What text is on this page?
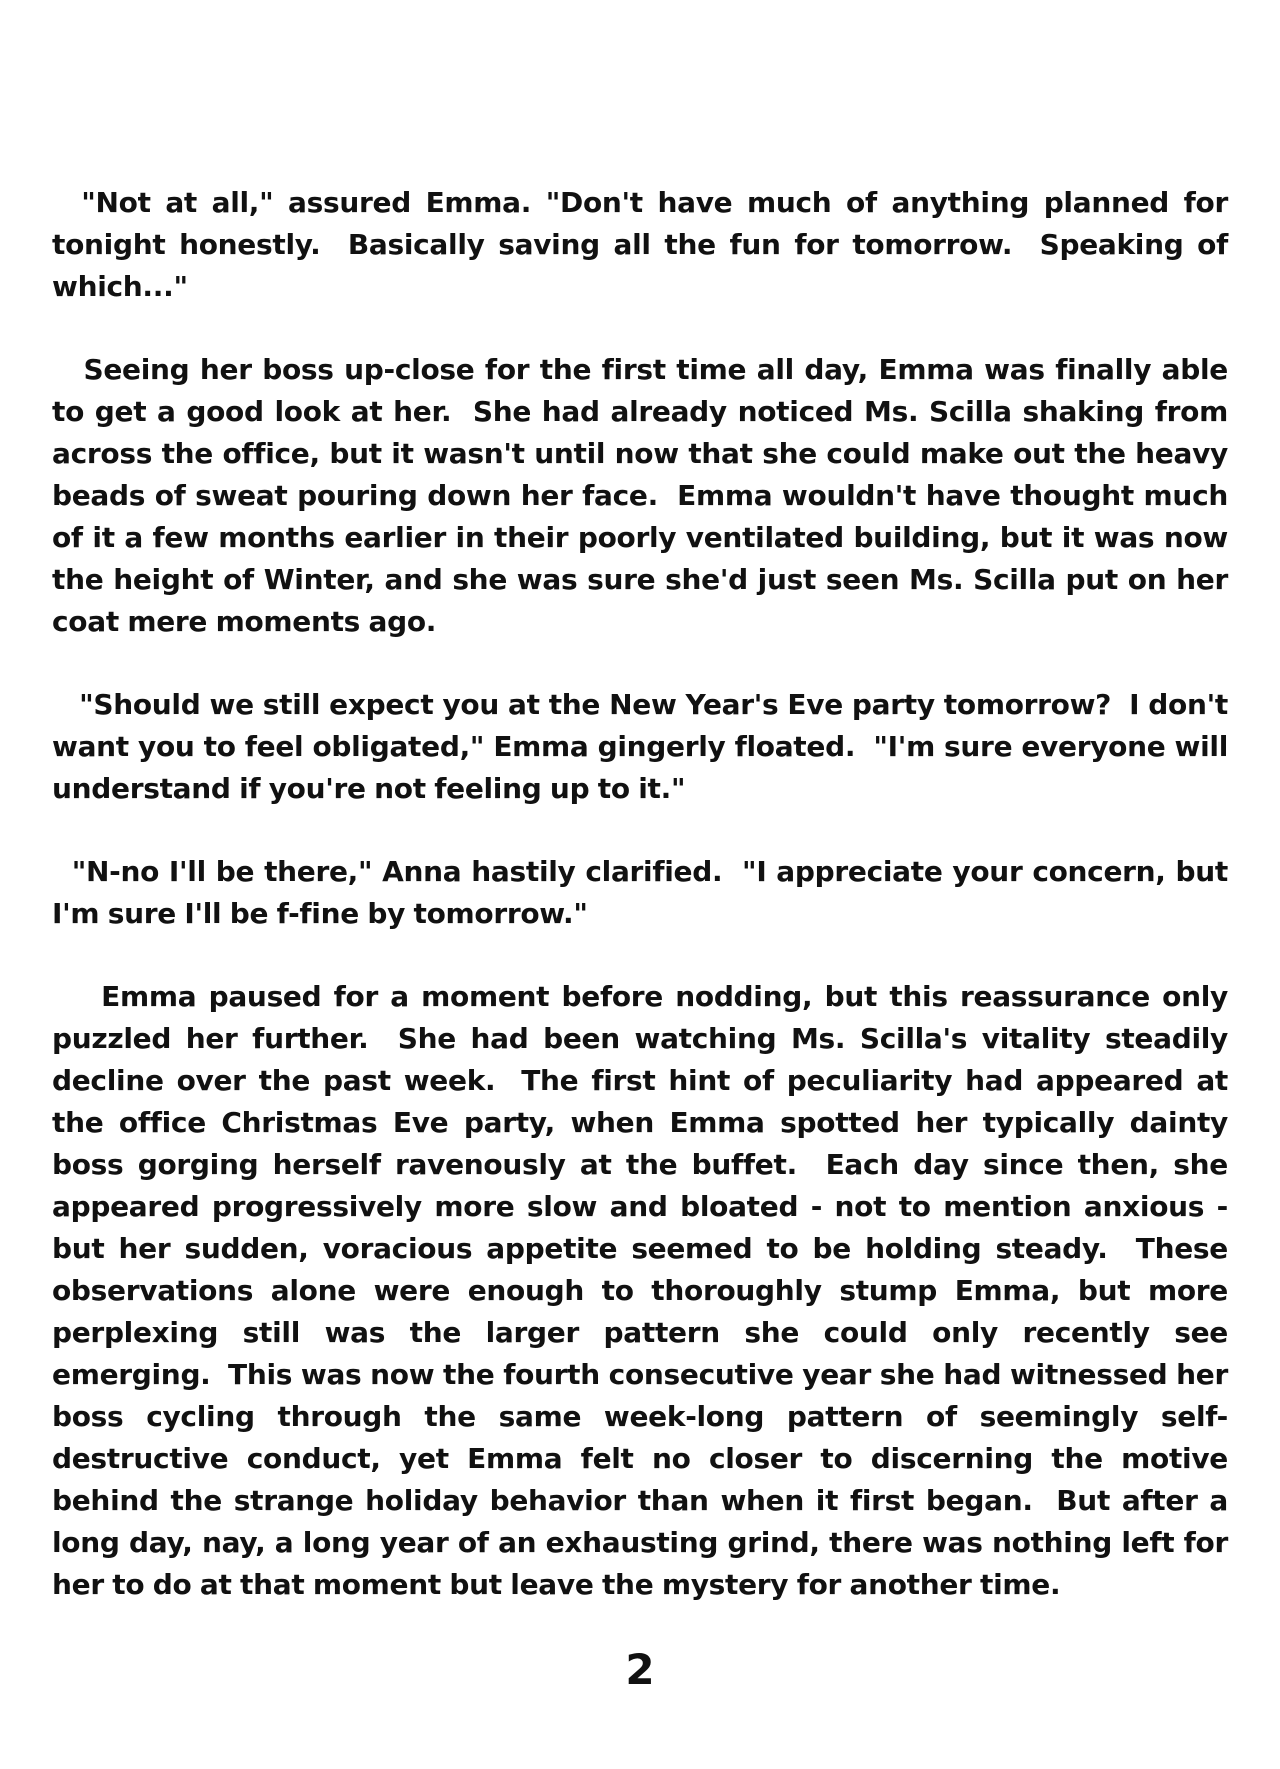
"Not at all," assured Emma. "Don't have much of anything planned for tonight honestly.  Basically saving all the fun for tomorrow.  Speaking of which..."

Seeing her boss up-close for the first time all day, Emma was finally able to get a good look at her.  She had already noticed Ms. Scilla shaking from across the office, but it wasn't until now that she could make out the heavy beads of sweat pouring down her face.  Emma wouldn't have thought much of it a few months earlier in their poorly ventilated building, but it was now the height of Winter, and she was sure she'd just seen Ms. Scilla put on her coat mere moments ago.

"Should we still expect you at the New Year's Eve party tomorrow?  I don't want you to feel obligated," Emma gingerly floated.  "I'm sure everyone will understand if you're not feeling up to it."

"N-no I'll be there," Anna hastily clarified.  "I appreciate your concern, but I'm sure I'll be f-fine by tomorrow."

Emma paused for a moment before nodding, but this reassurance only puzzled her further.  She had been watching Ms. Scilla's vitality steadily decline over the past week.  The first hint of peculiarity had appeared at the office Christmas Eve party, when Emma spotted her typically dainty boss gorging herself ravenously at the buffet.  Each day since then, she appeared progressively more slow and bloated - not to mention anxious - but her sudden, voracious appetite seemed to be holding steady.  These observations alone were enough to thoroughly stump Emma, but more perplexing still was the larger pattern she could only recently see emerging.  This was now the fourth consecutive year she had witnessed her boss cycling through the same week-long pattern of seemingly self-destructive conduct, yet Emma felt no closer to discerning the motive behind the strange holiday behavior than when it first began.  But after a long day, nay, a long year of an exhausting grind, there was nothing left for her to do at that moment but leave the mystery for another time.

2
